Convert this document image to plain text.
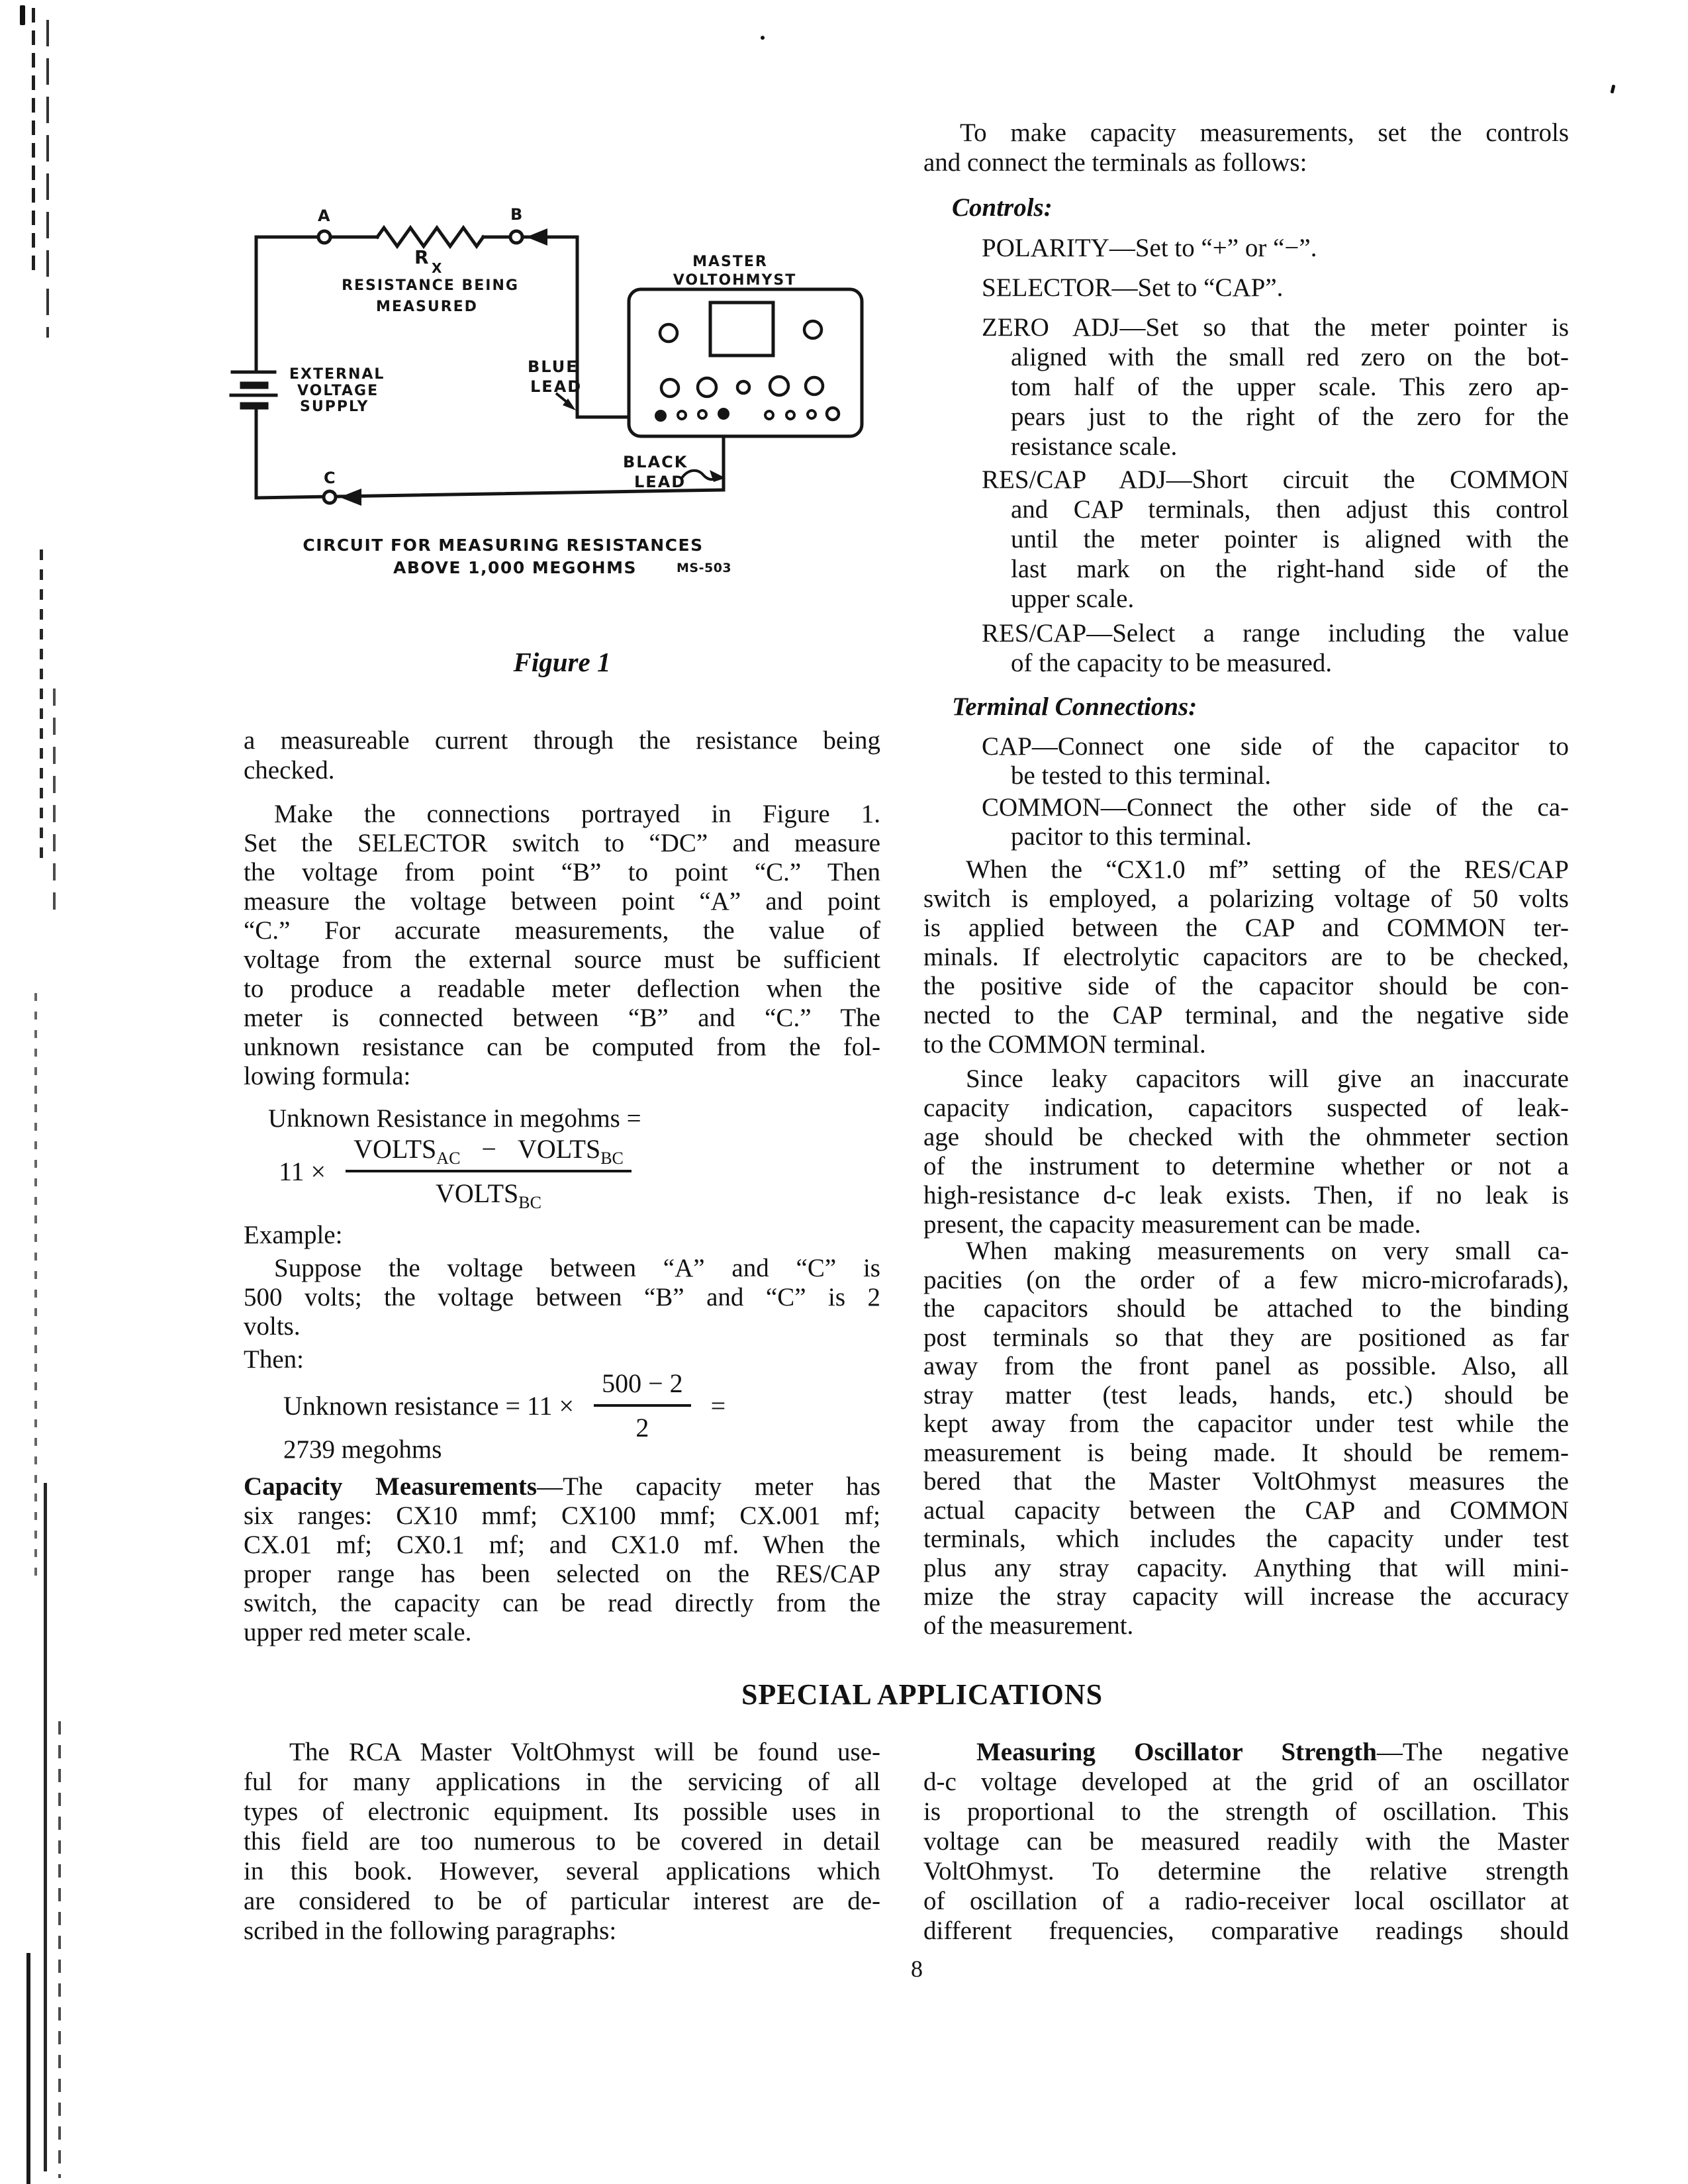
A	B
C
R X
RESISTANCE BEING
MEASURED
MASTER
VOLTOHMYST
EXTERNAL
VOLTAGE
SUPPLY
BLUE
LEAD
BLACK
LEAD
CIRCUIT FOR MEASURING RESISTANCES
ABOVE 1,000 MEGOHMS	MS-503
Figure 1
a measureable current through the resistance being
checked.
Make the connections portrayed in Figure 1.
Set the SELECTOR switch to “DC” and measure
the voltage from point “B” to point “C.” Then
measure the voltage between point “A” and point
“C.” For accurate measurements, the value of
voltage from the external source must be sufficient
to produce a readable meter deflection when the
meter is connected between “B” and “C.” The
unknown resistance can be computed from the fol-
lowing formula:
Unknown Resistance in megohms =
$11 \times \frac{VOLTS_{AC} - VOLTS_{BC}}{VOLTS_{BC}}$
Example:
Suppose the voltage between “A” and “C” is
500 volts; the voltage between “B” and “C” is 2
volts.
Then:
Unknown resistance = $11 \times \frac{500 - 2}{2}$ =
2739 megohms
Capacity Measurements—The capacity meter has
six ranges: CX10 mmf; CX100 mmf; CX.001 mf;
CX.01 mf; CX0.1 mf; and CX1.0 mf. When the
proper range has been selected on the RES/CAP
switch, the capacity can be read directly from the
upper red meter scale.
To make capacity measurements, set the controls
and connect the terminals as follows:
Controls:
POLARITY—Set to “+” or “−”.
SELECTOR—Set to “CAP”.
ZERO ADJ—Set so that the meter pointer is
aligned with the small red zero on the bot-
tom half of the upper scale. This zero ap-
pears just to the right of the zero for the
resistance scale.
RES/CAP ADJ—Short circuit the COMMON
and CAP terminals, then adjust this control
until the meter pointer is aligned with the
last mark on the right-hand side of the
upper scale.
RES/CAP—Select a range including the value
of the capacity to be measured.
Terminal Connections:
CAP—Connect one side of the capacitor to
be tested to this terminal.
COMMON—Connect the other side of the ca-
pacitor to this terminal.
When the “CX1.0 mf” setting of the RES/CAP
switch is employed, a polarizing voltage of 50 volts
is applied between the CAP and COMMON ter-
minals. If electrolytic capacitors are to be checked,
the positive side of the capacitor should be con-
nected to the CAP terminal, and the negative side
to the COMMON terminal.
Since leaky capacitors will give an inaccurate
capacity indication, capacitors suspected of leak-
age should be checked with the ohmmeter section
of the instrument to determine whether or not a
high-resistance d-c leak exists. Then, if no leak is
present, the capacity measurement can be made.
When making measurements on very small ca-
pacities (on the order of a few micro-microfarads),
the capacitors should be attached to the binding
post terminals so that they are positioned as far
away from the front panel as possible. Also, all
stray matter (test leads, hands, etc.) should be
kept away from the capacitor under test while the
measurement is being made. It should be remem-
bered that the Master VoltOhmyst measures the
actual capacity between the CAP and COMMON
terminals, which includes the capacity under test
plus any stray capacity. Anything that will mini-
mize the stray capacity will increase the accuracy
of the measurement.
SPECIAL APPLICATIONS
The RCA Master VoltOhmyst will be found use-
ful for many applications in the servicing of all
types of electronic equipment. Its possible uses in
this field are too numerous to be covered in detail
in this book. However, several applications which
are considered to be of particular interest are de-
scribed in the following paragraphs:
Measuring Oscillator Strength—The negative
d-c voltage developed at the grid of an oscillator
is proportional to the strength of oscillation. This
voltage can be measured readily with the Master
VoltOhmyst. To determine the relative strength
of oscillation of a radio-receiver local oscillator at
different frequencies, comparative readings should
8
